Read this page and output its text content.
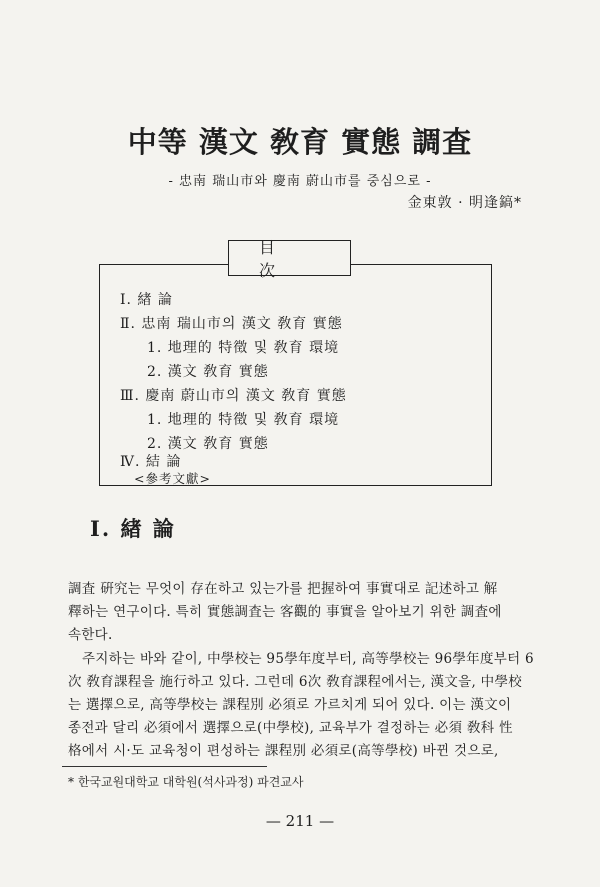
中等 漢文 敎育 實態 調査
- 忠南 瑞山市와 慶南 蔚山市를 중심으로 -
金東敦 · 明逢鎬*
目次
Ⅰ. 緖 論
Ⅱ. 忠南 瑞山市의 漢文 敎育 實態
1. 地理的 特徵 및 敎育 環境
2. 漢文 敎育 實態
Ⅲ. 慶南 蔚山市의 漢文 敎育 實態
1. 地理的 特徵 및 敎育 環境
2. 漢文 敎育 實態
Ⅳ. 結 論
<參考文獻>
Ⅰ. 緖 論
調査 硏究는 무엇이 存在하고 있는가를 把握하여 事實대로 記述하고 解
釋하는 연구이다. 특히 實態調査는 客觀的 事實을 알아보기 위한 調査에
속한다.
주지하는 바와 같이, 中學校는 95學年度부터, 高等學校는 96學年度부터 6
次 敎育課程을 施行하고 있다. 그런데 6次 敎育課程에서는, 漢文을, 中學校
는 選擇으로, 高等學校는 課程別 必須로 가르치게 되어 있다. 이는 漢文이
종전과 달리 必須에서 選擇으로(中學校), 교육부가 결정하는 必須 敎科 性
格에서 시·도 교육청이 편성하는 課程別 必須로(高等學校) 바뀐 것으로,
* 한국교원대학교 대학원(석사과정) 파견교사
— 211 —
